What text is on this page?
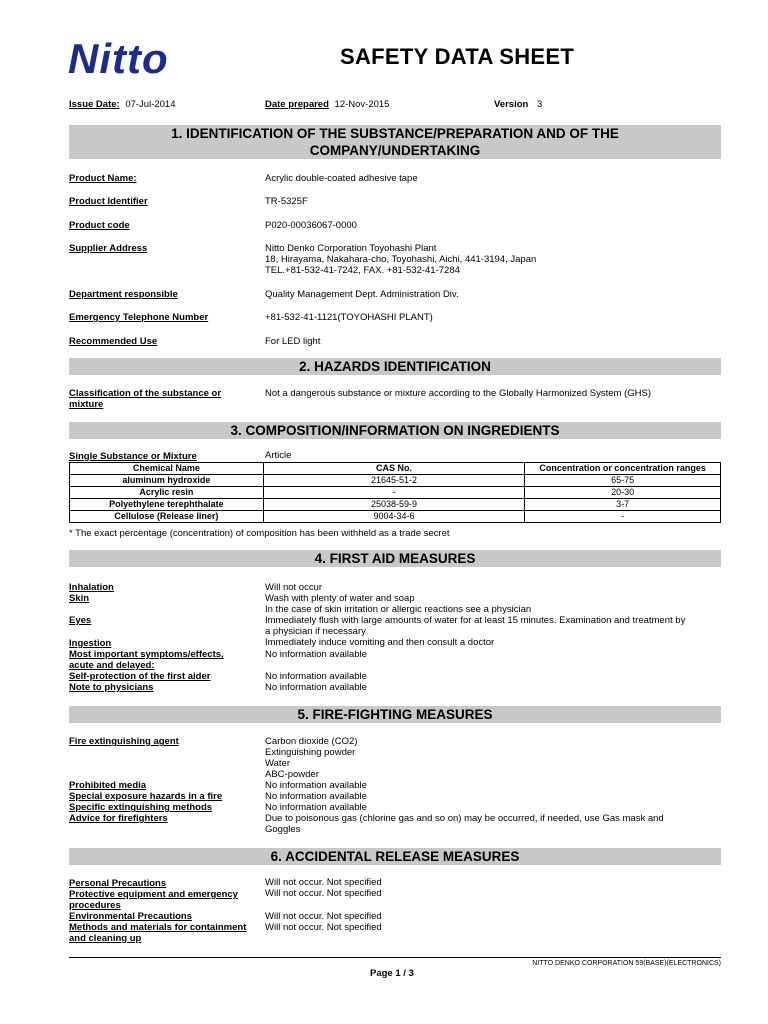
Nitto	SAFETY DATA SHEET
Issue Date: 07-Jul-2014	Date prepared 12-Nov-2015	Version 3
1. IDENTIFICATION OF THE SUBSTANCE/PREPARATION AND OF THE
COMPANY/UNDERTAKING
Product Name:	Acrylic double-coated adhesive tape
Product Identifier	TR-5325F
Product code	P020-00036067-0000
Supplier Address	Nitto Denko Corporation Toyohashi Plant
18, Hirayama, Nakahara-cho, Toyohashi, Aichi, 441-3194, Japan
TEL.+81-532-41-7242, FAX. +81-532-41-7284
Department responsible	Quality Management Dept. Administration Div.
Emergency Telephone Number	+81-532-41-1121(TOYOHASHI PLANT)
Recommended Use	For LED light
2. HAZARDS IDENTIFICATION
Classification of the substance or
mixture
Not a dangerous substance or mixture according to the Globally Harmonized System (GHS)
3. COMPOSITION/INFORMATION ON INGREDIENTS
Single Substance or Mixture	Article
Chemical Name	CAS No.	Concentration or concentration ranges
aluminum hydroxide	21645-51-2	65-75
Acrylic resin	-	20-30
Polyethylene terephthalate	25038-59-9	3-7
Cellulose (Release liner)	9004-34-6	-
* The exact percentage (concentration) of composition has been withheld as a trade secret
4. FIRST AID MEASURES
Inhalation	Will not occur
Skin	Wash with plenty of water and soap
In the case of skin irritation or allergic reactions see a physician
Eyes	Immediately flush with large amounts of water for at least 15 minutes. Examination and treatment by
a physician if necessary
Ingestion	Immediately induce vomiting and then consult a doctor
Most important symptoms/effects,
acute and delayed:
No information available
Self-protection of the first aider	No information available
Note to physicians	No information available
5. FIRE-FIGHTING MEASURES
Fire extinguishing agent	Carbon dioxide (CO2)
Extinguishing powder
Water
ABC-powder
Prohibited media	No information available
Special exposure hazards in a fire	No information available
Specific extinguishing methods	No information available
Advice for firefighters	Due to poisonous gas (chlorine gas and so on) may be occurred, if needed, use Gas mask and
Goggles
6. ACCIDENTAL RELEASE MEASURES
Personal Precautions	Will not occur. Not specified
Protective equipment and emergency
procedures
Will not occur. Not specified
Environmental Precautions	Will not occur. Not specified
Methods and materials for containment
and cleaning up
Will not occur. Not specified
NITTO DENKO CORPORATION 59(BASE)(ELECTRONICS)
Page 1 / 3
